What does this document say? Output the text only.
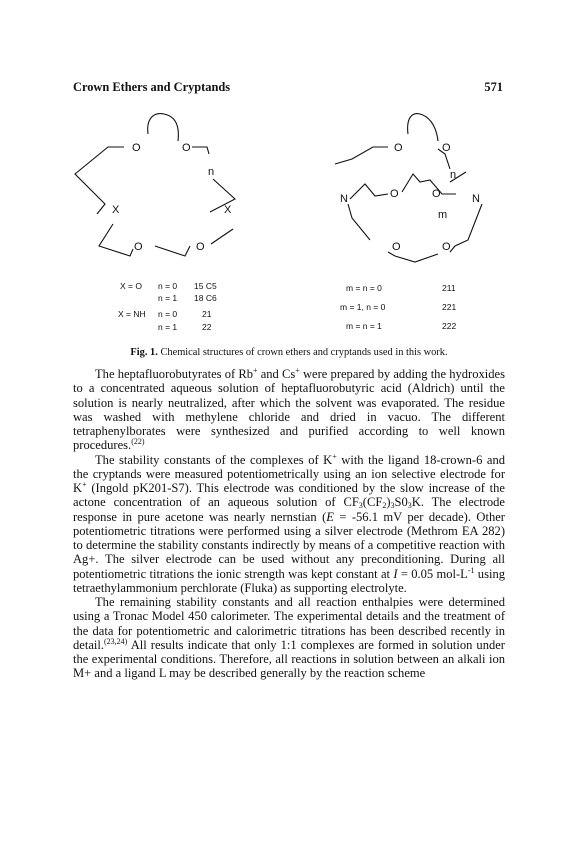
Crown Ethers and Cryptands	571
O	O
n
X	X
O	O
O	O
n
N	O	O	N
m
O	O
X = O n = 0 15 C5
n = 1 18 C6
X = NH n = 0	21
n = 1	22
m = n = 0	211
m = 1, n = 0	221
m = n = 1	222
Fig. 1. Chemical structures of crown ethers and cryptands used in this work.

The heptafluorobutyrates of Rb+ and Cs+ were prepared by adding the hydroxides to a concentrated aqueous solution of heptafluorobutyric acid (Aldrich) until the solution is nearly neutralized, after which the solvent was evaporated. The residue was washed with methylene chloride and dried in vacuo. The different tetraphenylborates were synthesized and purified according to well known procedures.$^{(22)}$

The stability constants of the complexes of K+ with the ligand 18-crown-6 and the cryptands were measured potentiometrically using an ion selective electrode for K+ (Ingold pK201-S7). This electrode was conditioned by the slow increase of the actone concentration of an aqueous solution of $CF_3(CF_2)_3S0_3K$. The electrode response in pure acetone was nearly nernstian (E = -56.1 mV per decade). Other potentiometric titrations were performed using a silver electrode (Methrom EA 282) to determine the stability constants indirectly by means of a competitive reaction with Ag+. The silver electrode can be used without any preconditioning. During all potentiometric titrations the ionic strength was kept constant at I = 0.05 mol-$L^{-1}$ using tetraethylammonium perchlorate (Fluka) as supporting electrolyte.

The remaining stability constants and all reaction enthalpies were determined using a Tronac Model 450 calorimeter. The experimental details and the treatment of the data for potentiometric and calorimetric titrations has been described recently in detail.$^{(23,24)}$ All results indicate that only 1:1 complexes are formed in solution under the experimental conditions. Therefore, all reactions in solution between an alkali ion M+ and a ligand L may be described generally by the reaction scheme
